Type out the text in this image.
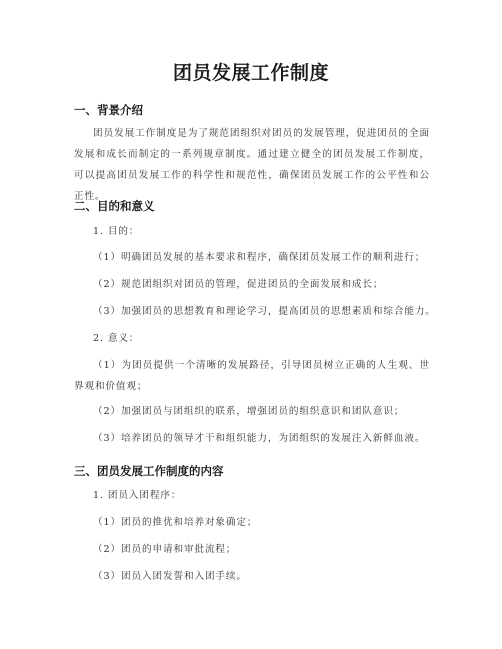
团员发展工作制度
一、背景介绍
团员发展工作制度是为了规范团组织对团员的发展管理，促进团员的全面发展和成长而制定的一系列规章制度。通过建立健全的团员发展工作制度，可以提高团员发展工作的科学性和规范性，确保团员发展工作的公平性和公正性。
二、目的和意义
1. 目的：
（1）明确团员发展的基本要求和程序，确保团员发展工作的顺利进行；
（2）规范团组织对团员的管理，促进团员的全面发展和成长；
（3）加强团员的思想教育和理论学习，提高团员的思想素质和综合能力。
2. 意义：
（1）为团员提供一个清晰的发展路径，引导团员树立正确的人生观、世界观和价值观；
（2）加强团员与团组织的联系，增强团员的组织意识和团队意识；
（3）培养团员的领导才干和组织能力，为团组织的发展注入新鲜血液。
三、团员发展工作制度的内容
1. 团员入团程序：
（1）团员的推优和培养对象确定；
（2）团员的申请和审批流程；
（3）团员入团发誓和入团手续。
